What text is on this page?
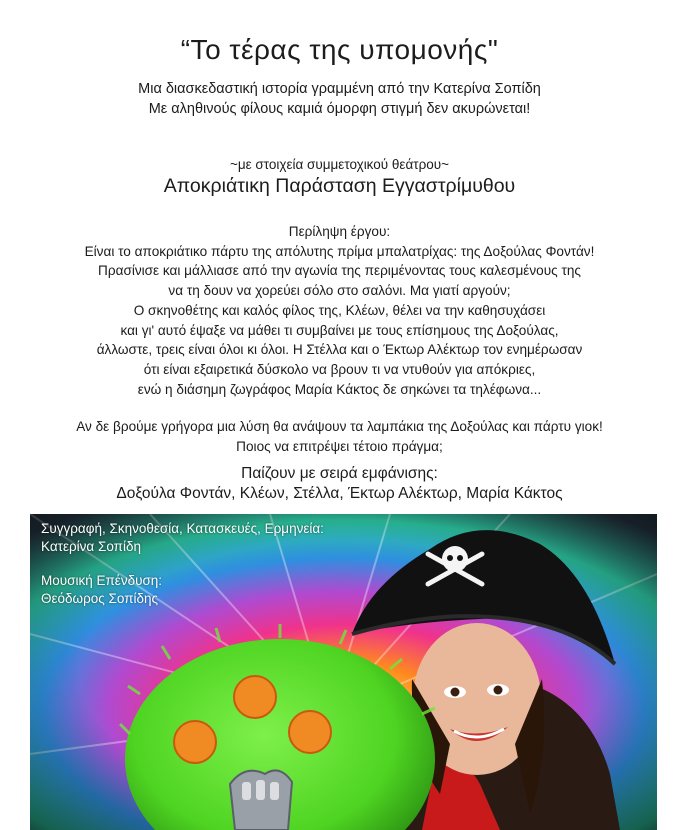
“Το τέρας της υπομονής"
Μια διασκεδαστική ιστορία γραμμένη από την Κατερίνα Σοπίδη
Με αληθινούς φίλους καμιά όμορφη στιγμή δεν ακυρώνεται!
~με στοιχεία συμμετοχικού θεάτρου~
Αποκριάτικη Παράσταση Εγγαστρίμυθου

Περίληψη έργου:

Είναι το αποκριάτικο πάρτυ της απόλυτης πρίμα μπαλατρίχας: της Δοξούλας Φοντάν!

Πρασίνισε και μάλλιασε από την αγωνία της περιμένοντας τους καλεσμένους της

να τη δουν να χορεύει σόλο στο σαλόνι. Μα γιατί αργούν;

Ο σκηνοθέτης και καλός φίλος της, Κλέων, θέλει να την καθησυχάσει

και γι' αυτό έψαξε να μάθει τι συμβαίνει με τους επίσημους της Δοξούλας,

άλλωστε, τρεις είναι όλοι κι όλοι. Η Στέλλα και ο Έκτωρ Αλέκτωρ τον ενημέρωσαν

ότι είναι εξαιρετικά δύσκολο να βρουν τι να ντυθούν για απόκριες,

ενώ η διάσημη ζωγράφος Μαρία Κάκτος δε σηκώνει τα τηλέφωνα...

Αν δε βρούμε γρήγορα μια λύση θα ανάψουν τα λαμπάκια της Δοξούλας και πάρτυ γιοκ!

Ποιος να επιτρέψει τέτοιο πράγμα;

Παίζουν με σειρά εμφάνισης:
Δοξούλα Φοντάν, Κλέων, Στέλλα, Έκτωρ Αλέκτωρ, Μαρία Κάκτος
Συγγραφή, Σκηνοθεσία, Κατασκευές, Ερμηνεία:
Κατερίνα Σοπίδη
Μουσική Επένδυση:
Θεόδωρος Σοπίδης
